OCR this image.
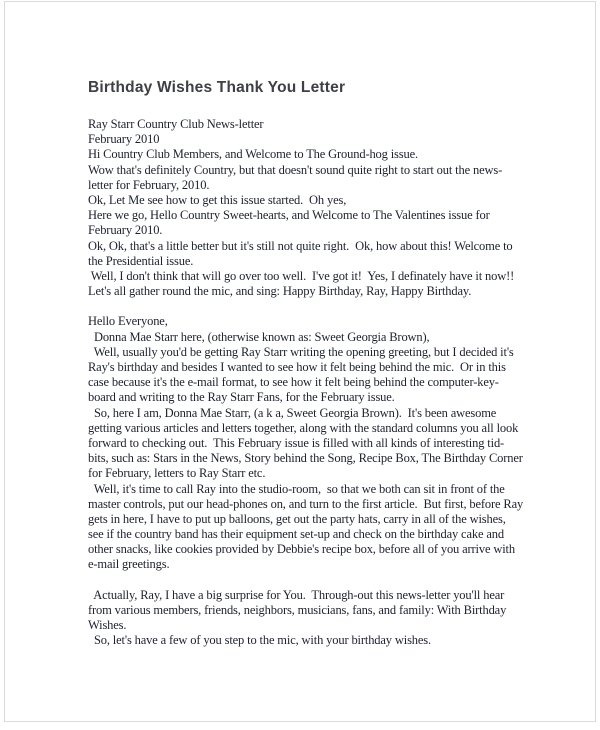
Birthday Wishes Thank You Letter
Ray Starr Country Club News-letter
February 2010
Hi Country Club Members, and Welcome to The Ground-hog issue.
Wow that's definitely Country, but that doesn't sound quite right to start out the news-
letter for February, 2010.
Ok, Let Me see how to get this issue started.  Oh yes,
Here we go, Hello Country Sweet-hearts, and Welcome to The Valentines issue for
February 2010.
Ok, Ok, that's a little better but it's still not quite right.  Ok, how about this! Welcome to
the Presidential issue.
Well, I don't think that will go over too well.  I've got it!  Yes, I definately have it now!!
Let's all gather round the mic, and sing: Happy Birthday, Ray, Happy Birthday.

Hello Everyone,
Donna Mae Starr here, (otherwise known as: Sweet Georgia Brown),
Well, usually you'd be getting Ray Starr writing the opening greeting, but I decided it's
Ray's birthday and besides I wanted to see how it felt being behind the mic.  Or in this
case because it's the e-mail format, to see how it felt being behind the computer-key-
board and writing to the Ray Starr Fans, for the February issue.
So, here I am, Donna Mae Starr, (a k a, Sweet Georgia Brown).  It's been awesome
getting various articles and letters together, along with the standard columns you all look
forward to checking out.  This February issue is filled with all kinds of interesting tid-
bits, such as: Stars in the News, Story behind the Song, Recipe Box, The Birthday Corner
for February, letters to Ray Starr etc.
Well, it's time to call Ray into the studio-room,  so that we both can sit in front of the
master controls, put our head-phones on, and turn to the first article.  But first, before Ray
gets in here, I have to put up balloons, get out the party hats, carry in all of the wishes,
see if the country band has their equipment set-up and check on the birthday cake and
other snacks, like cookies provided by Debbie's recipe box, before all of you arrive with
e-mail greetings.

Actually, Ray, I have a big surprise for You.  Through-out this news-letter you'll hear
from various members, friends, neighbors, musicians, fans, and family: With Birthday
Wishes.
So, let's have a few of you step to the mic, with your birthday wishes.
